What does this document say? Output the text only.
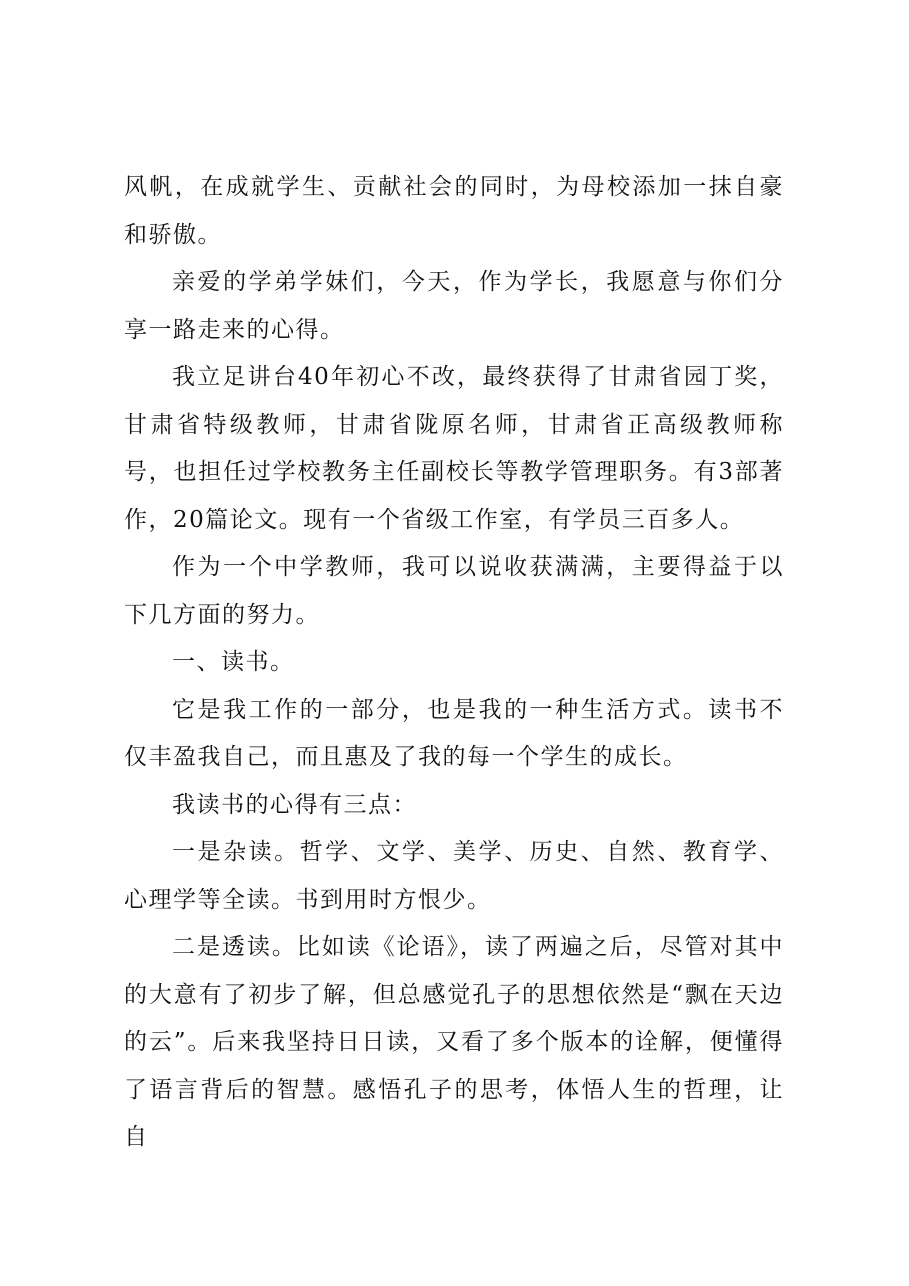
风帆，在成就学生、贡献社会的同时，为母校添加一抹自豪和骄傲。

亲爱的学弟学妹们，今天，作为学长，我愿意与你们分享一路走来的心得。

我立足讲台40年初心不改，最终获得了甘肃省园丁奖，甘肃省特级教师，甘肃省陇原名师，甘肃省正高级教师称号，也担任过学校教务主任副校长等教学管理职务。有3部著作，20篇论文。现有一个省级工作室，有学员三百多人。

作为一个中学教师，我可以说收获满满，主要得益于以下几方面的努力。

一、读书。

它是我工作的一部分，也是我的一种生活方式。读书不仅丰盈我自己，而且惠及了我的每一个学生的成长。

我读书的心得有三点：

一是杂读。哲学、文学、美学、历史、自然、教育学、心理学等全读。书到用时方恨少。

二是透读。比如读《论语》，读了两遍之后，尽管对其中的大意有了初步了解，但总感觉孔子的思想依然是“飘在天边的云”。后来我坚持日日读，又看了多个版本的诠解，便懂得了语言背后的智慧。感悟孔子的思考，体悟人生的哲理，让自
